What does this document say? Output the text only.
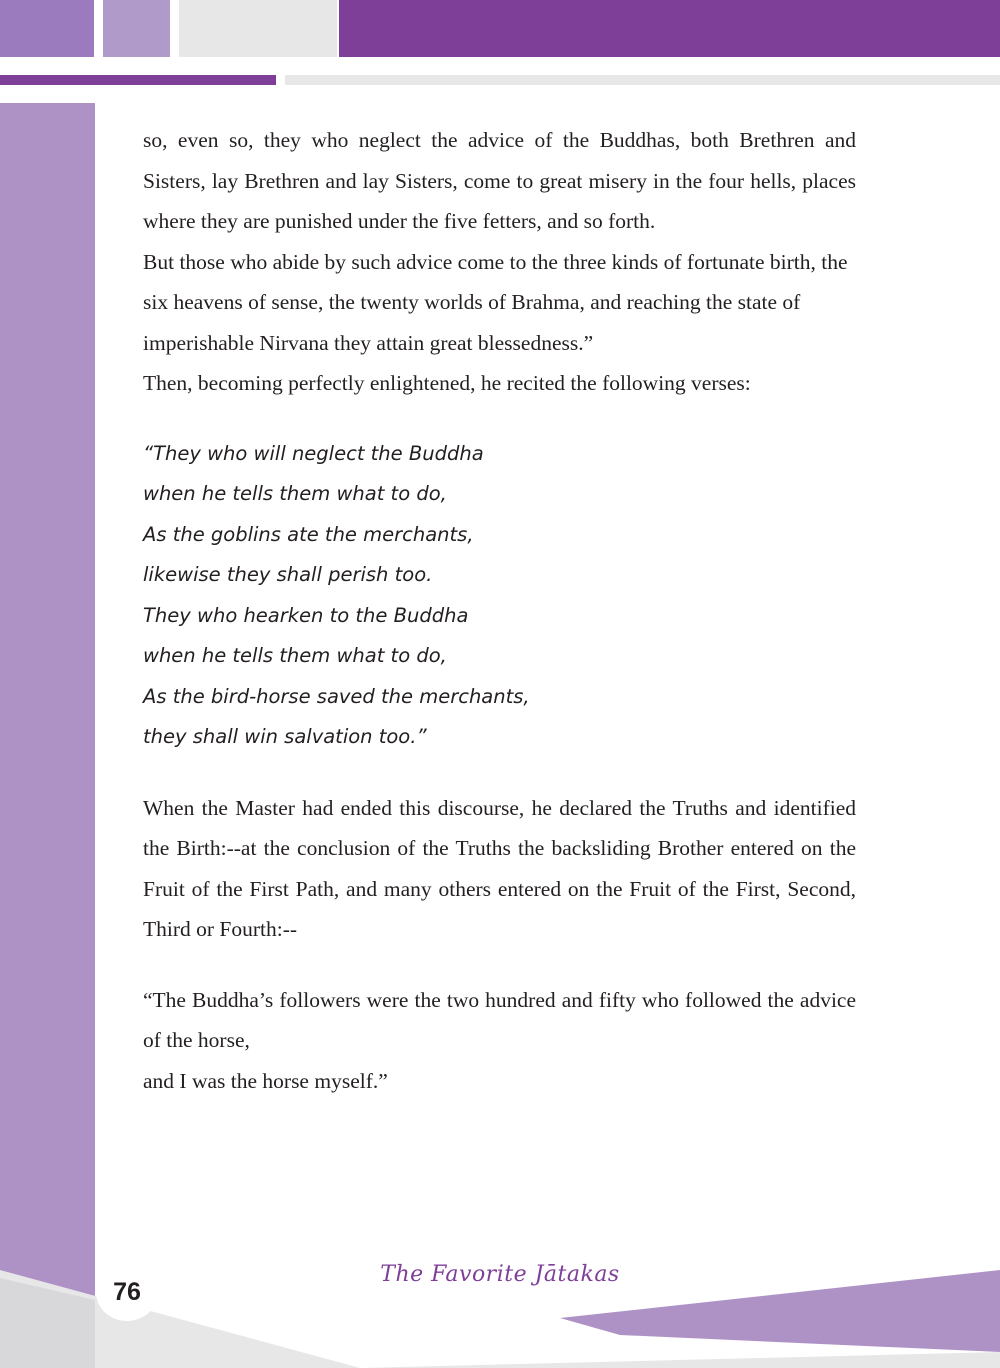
so, even so, they who neglect the advice of the Buddhas, both Brethren and Sisters, lay Brethren and lay Sisters, come to great misery in the four hells, places where they are punished under the five fetters, and so forth.

But those who abide by such advice come to the three kinds of fortunate birth, the six heavens of sense, the twenty worlds of Brahma, and reaching the state of imperishable Nirvana they attain great blessedness.”

Then, becoming perfectly enlightened, he recited the following verses:

“They who will neglect the Buddha
when he tells them what to do,
As the goblins ate the merchants,
likewise they shall perish too.
They who hearken to the Buddha
when he tells them what to do,
As the bird-horse saved the merchants,
they shall win salvation too.”

When the Master had ended this discourse, he declared the Truths and identified the Birth:--at the conclusion of the Truths the backsliding Brother entered on the Fruit of the First Path, and many others entered on the Fruit of the First, Second, Third or Fourth:--

“The Buddha’s followers were the two hundred and fifty who followed the advice of the horse,

and I was the horse myself.”

76
The Favorite Jātakas
